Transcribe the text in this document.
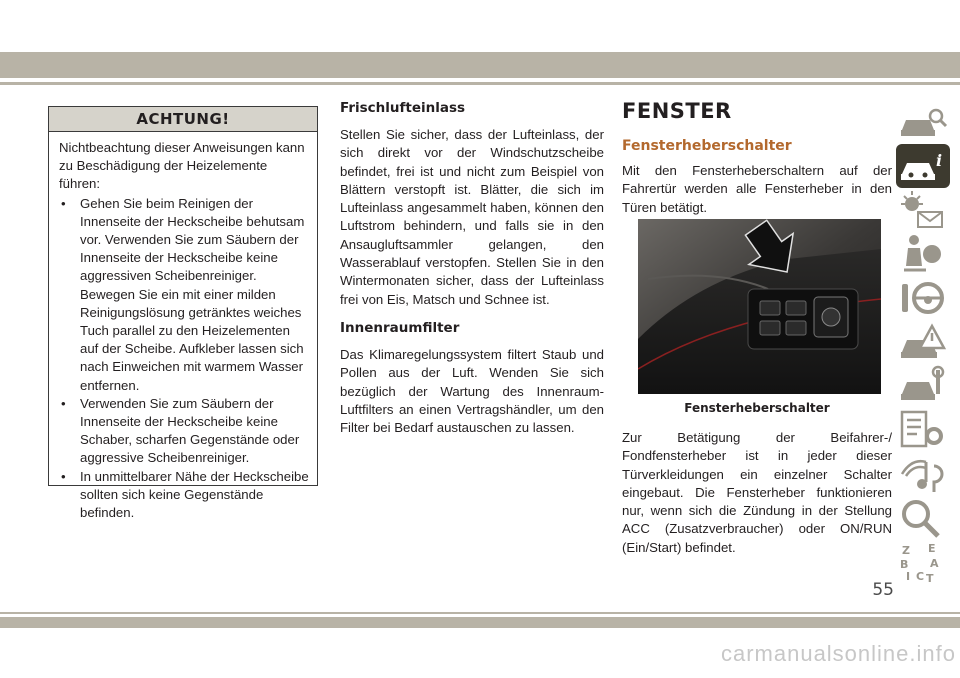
ACHTUNG!

Nichtbeachtung dieser Anweisungen kann zu Beschädigung der Heizelemente führen:

• Gehen Sie beim Reinigen der Innenseite der Heckscheibe behutsam vor. Verwenden Sie zum Säubern der Innenseite der Heckscheibe keine aggressiven Scheibenreiniger. Bewegen Sie ein mit einer milden Reinigungslösung getränktes weiches Tuch parallel zu den Heizelementen auf der Scheibe. Aufkleber lassen sich nach Einweichen mit warmem Wasser entfernen.
• Verwenden Sie zum Säubern der Innenseite der Heckscheibe keine Schaber, scharfen Gegenstände oder aggressive Scheibenreiniger.
• In unmittelbarer Nähe der Heckscheibe sollten sich keine Gegenstände befinden.
Frischlufteinlass

Stellen Sie sicher, dass der Lufteinlass, der sich direkt vor der Windschutzscheibe befindet, frei ist und nicht zum Beispiel von Blättern verstopft ist. Blätter, die sich im Lufteinlass angesammelt haben, können den Luftstrom behindern, und falls sie in den Ansaugluftsammler gelangen, den Wasserablauf verstopfen. Stellen Sie in den Wintermonaten sicher, dass der Lufteinlass frei von Eis, Matsch und Schnee ist.

Innenraumfilter

Das Klimaregelungssystem filtert Staub und Pollen aus der Luft. Wenden Sie sich bezüglich der Wartung des Innenraum-Luftfilters an einen Vertragshändler, um den Filter bei Bedarf austauschen zu lassen.

FENSTER
Fensterheberschalter

Mit den Fensterheberschaltern auf der Fahrertür werden alle Fensterheber in den Türen betätigt.

Fensterheberschalter

Zur Betätigung der Beifahrer-/ Fondfensterheber ist in jeder dieser Türverkleidungen ein einzelner Schalter eingebaut. Die Fensterheber funktionieren nur, wenn sich die Zündung in der Stellung ACC (Zusatzverbraucher) oder ON/RUN (Ein/Start) befindet.

i
Z E
B A
I C T
55
carmanualsonline.info
